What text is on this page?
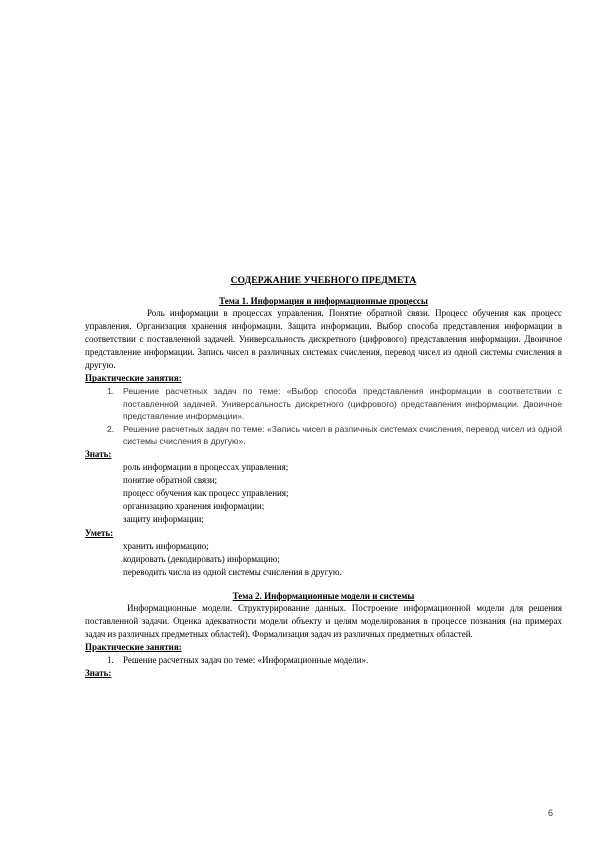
СОДЕРЖАНИЕ УЧЕБНОГО ПРЕДМЕТА

Тема 1. Информация и информационные процессы

Роль информации в процессах управления. Понятие обратной связи. Процесс обучения как процесс управления. Организация хранения информации. Защита информации. Выбор способа представления информации в соответствии с поставленной задачей. Универсальность дискретного (цифрового) представления информации. Двоичное представление информации. Запись чисел в различных системах счисления, перевод чисел из одной системы счисления в другую.

Практические занятия:

1. Решение расчетных задач по теме: «Выбор способа представления информации в соответствии с поставленной задачей. Универсальность дискретного (цифрового) представления информации. Двоичное представление информации».
2. Решение расчетных задач по теме: «Запись чисел в различных системах счисления, перевод чисел из одной системы счисления в другую».

Знать:

роль информации в процессах управления;
понятие обратной связи;
процесс обучения как процесс управления;
организацию хранения информации;
защиту информации;

Уметь:

хранить информацию;
кодировать (декодировать) информацию;
переводить числа из одной системы счисления в другую.

Тема 2. Информационные модели и системы

Информационные модели. Структурирование данных. Построение информационной модели для решения поставленной задачи. Оценка адекватности модели объекту и целям моделирования в процессе познания (на примерах задач из различных предметных областей). Формализация задач из различных предметных областей.

Практические занятия:

1. Решение расчетных задач по теме: «Информационные модели».

Знать:

6
